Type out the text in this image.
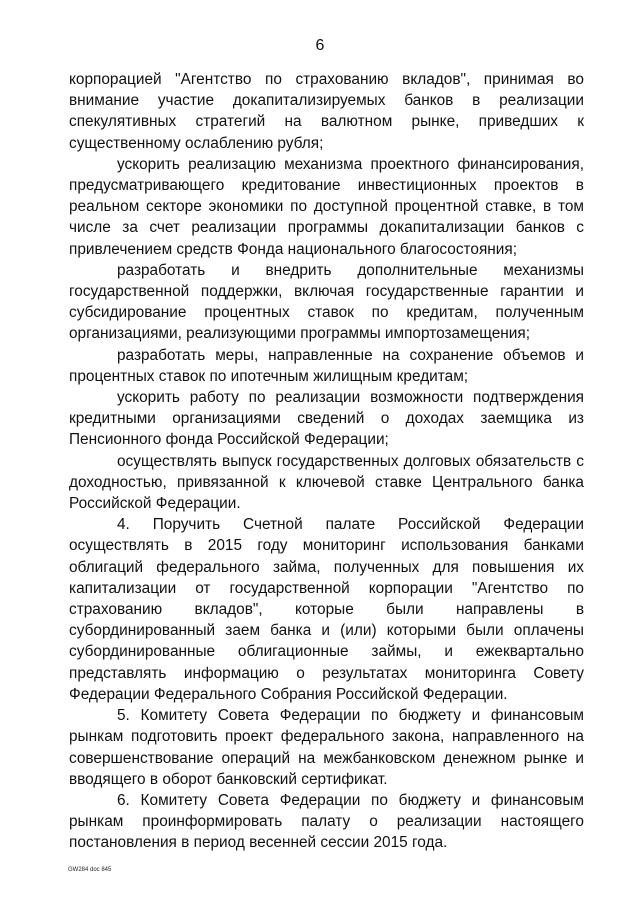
6

корпорацией "Агентство по страхованию вкладов", принимая во внимание участие докапитализируемых банков в реализации спекулятивных стратегий на валютном рынке, приведших к существенному ослаблению рубля;

ускорить реализацию механизма проектного финансирования, предусматривающего кредитование инвестиционных проектов в реальном секторе экономики по доступной процентной ставке, в том числе за счет реализации программы докапитализации банков с привлечением средств Фонда национального благосостояния;

разработать и внедрить дополнительные механизмы государственной поддержки, включая государственные гарантии и субсидирование процентных ставок по кредитам, полученным организациями, реализующими программы импортозамещения;

разработать меры, направленные на сохранение объемов и процентных ставок по ипотечным жилищным кредитам;

ускорить работу по реализации возможности подтверждения кредитными организациями сведений о доходах заемщика из Пенсионного фонда Российской Федерации;

осуществлять выпуск государственных долговых обязательств с доходностью, привязанной к ключевой ставке Центрального банка Российской Федерации.

4. Поручить Счетной палате Российской Федерации осуществлять в 2015 году мониторинг использования банками облигаций федерального займа, полученных для повышения их капитализации от государственной корпорации "Агентство по страхованию вкладов", которые были направлены в субординированный заем банка и (или) которыми были оплачены субординированные облигационные займы, и ежеквартально представлять информацию о результатах мониторинга Совету Федерации Федерального Собрания Российской Федерации.

5. Комитету Совета Федерации по бюджету и финансовым рынкам подготовить проект федерального закона, направленного на совершенствование операций на межбанковском денежном рынке и вводящего в оборот банковский сертификат.

6. Комитету Совета Федерации по бюджету и финансовым рынкам проинформировать палату о реализации настоящего постановления в период весенней сессии 2015 года.

GW284 doc 845
